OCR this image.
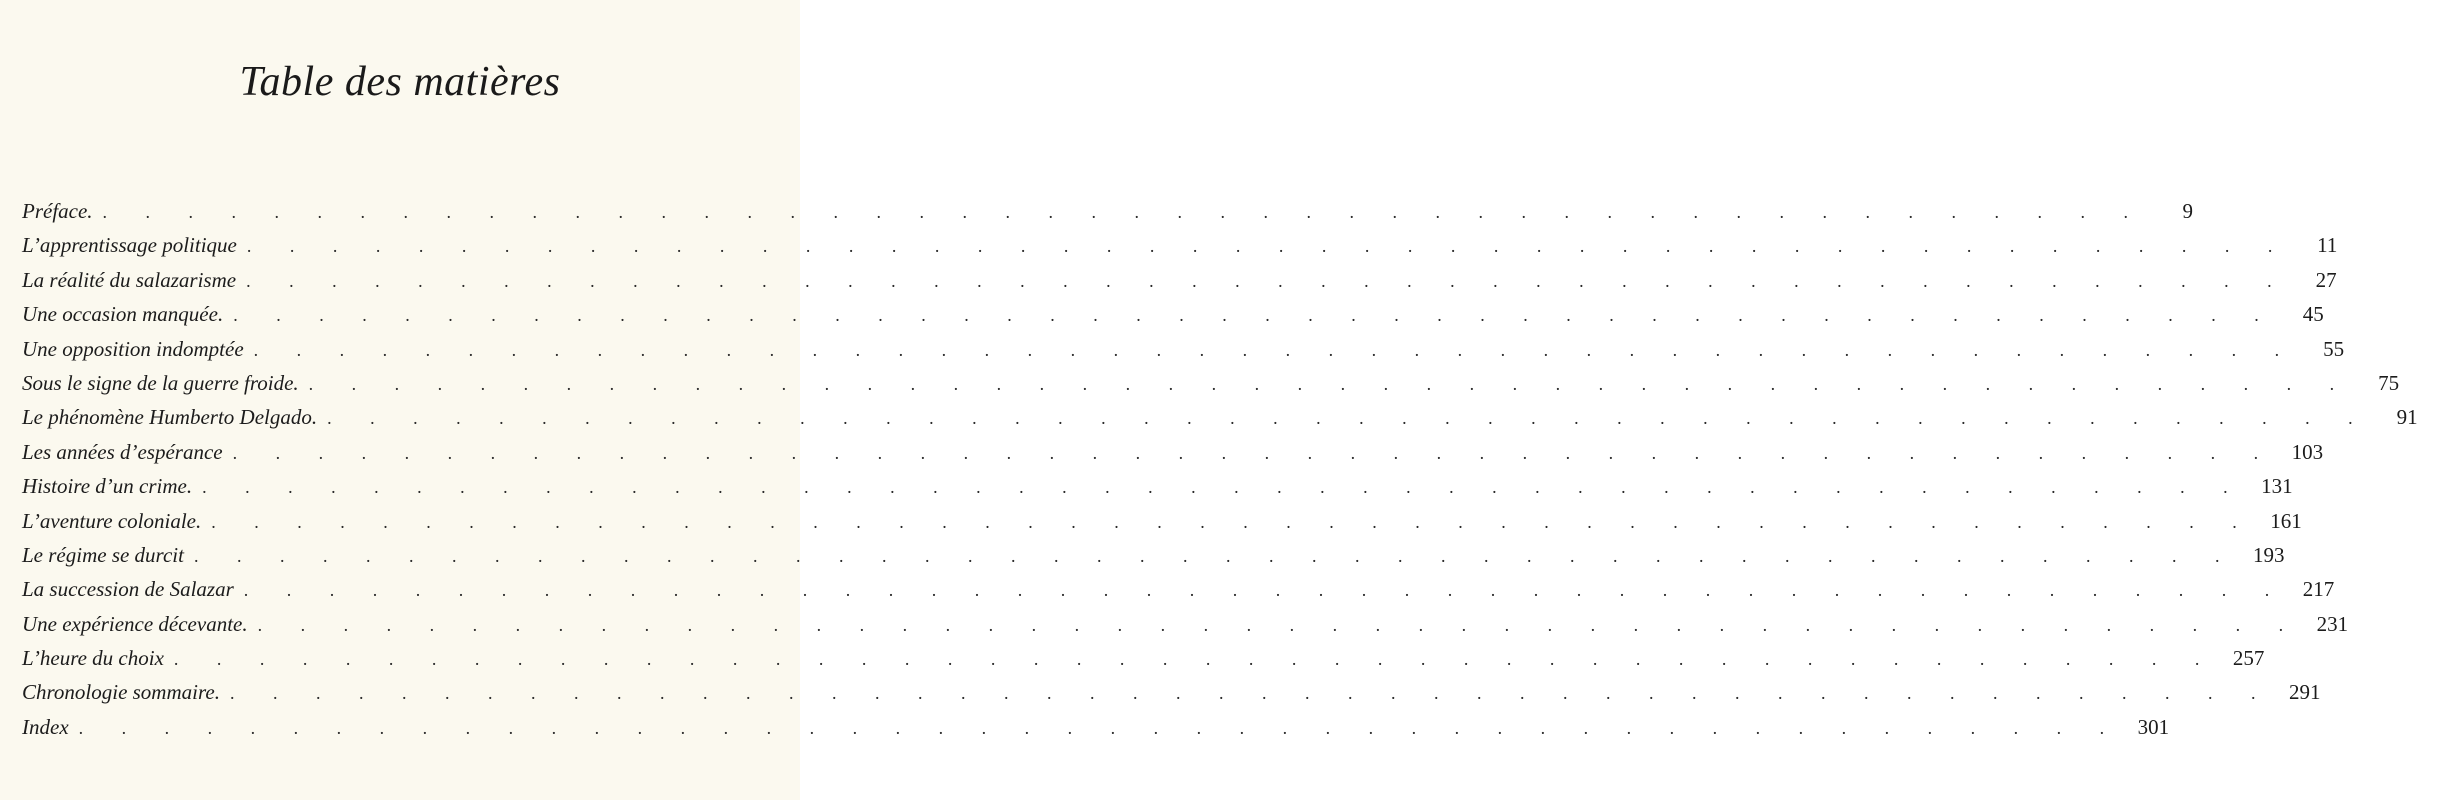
Table des matières
Préface. . . . . . . . . . . . . . . . . . . . . . . . . . . . . . . . . . . . . . . . . . . . . . . . .	9
L’apprentissage politique . . . . . . . . . . . . . . . . . . . . . . . . . . . . . . . . . . . . . . . . . . . . . . . .	11
La réalité du salazarisme . . . . . . . . . . . . . . . . . . . . . . . . . . . . . . . . . . . . . . . . . . . . . . . .	27
Une occasion manquée. . . . . . . . . . . . . . . . . . . . . . . . . . . . . . . . . . . . . . . . . . . . . . . . .	45
Une opposition indomptée . . . . . . . . . . . . . . . . . . . . . . . . . . . . . . . . . . . . . . . . . . . . . . . .	55
Sous le signe de la guerre froide. . . . . . . . . . . . . . . . . . . . . . . . . . . . . . . . . . . . . . . . . . . . . . . . .	75
Le phénomène Humberto Delgado. . . . . . . . . . . . . . . . . . . . . . . . . . . . . . . . . . . . . . . . . . . . . . . . .	91
Les années d’espérance . . . . . . . . . . . . . . . . . . . . . . . . . . . . . . . . . . . . . . . . . . . . . . . . 103
Histoire d’un crime. . . . . . . . . . . . . . . . . . . . . . . . . . . . . . . . . . . . . . . . . . . . . . . . . 131
L’aventure coloniale. . . . . . . . . . . . . . . . . . . . . . . . . . . . . . . . . . . . . . . . . . . . . . . . . 161
Le régime se durcit . . . . . . . . . . . . . . . . . . . . . . . . . . . . . . . . . . . . . . . . . . . . . . . . 193
La succession de Salazar . . . . . . . . . . . . . . . . . . . . . . . . . . . . . . . . . . . . . . . . . . . . . . . . 217
Une expérience décevante. . . . . . . . . . . . . . . . . . . . . . . . . . . . . . . . . . . . . . . . . . . . . . . . . 231
L’heure du choix . . . . . . . . . . . . . . . . . . . . . . . . . . . . . . . . . . . . . . . . . . . . . . . . 257
Chronologie sommaire. . . . . . . . . . . . . . . . . . . . . . . . . . . . . . . . . . . . . . . . . . . . . . . . . 291
Index . . . . . . . . . . . . . . . . . . . . . . . . . . . . . . . . . . . . . . . . . . . . . . . . 301
